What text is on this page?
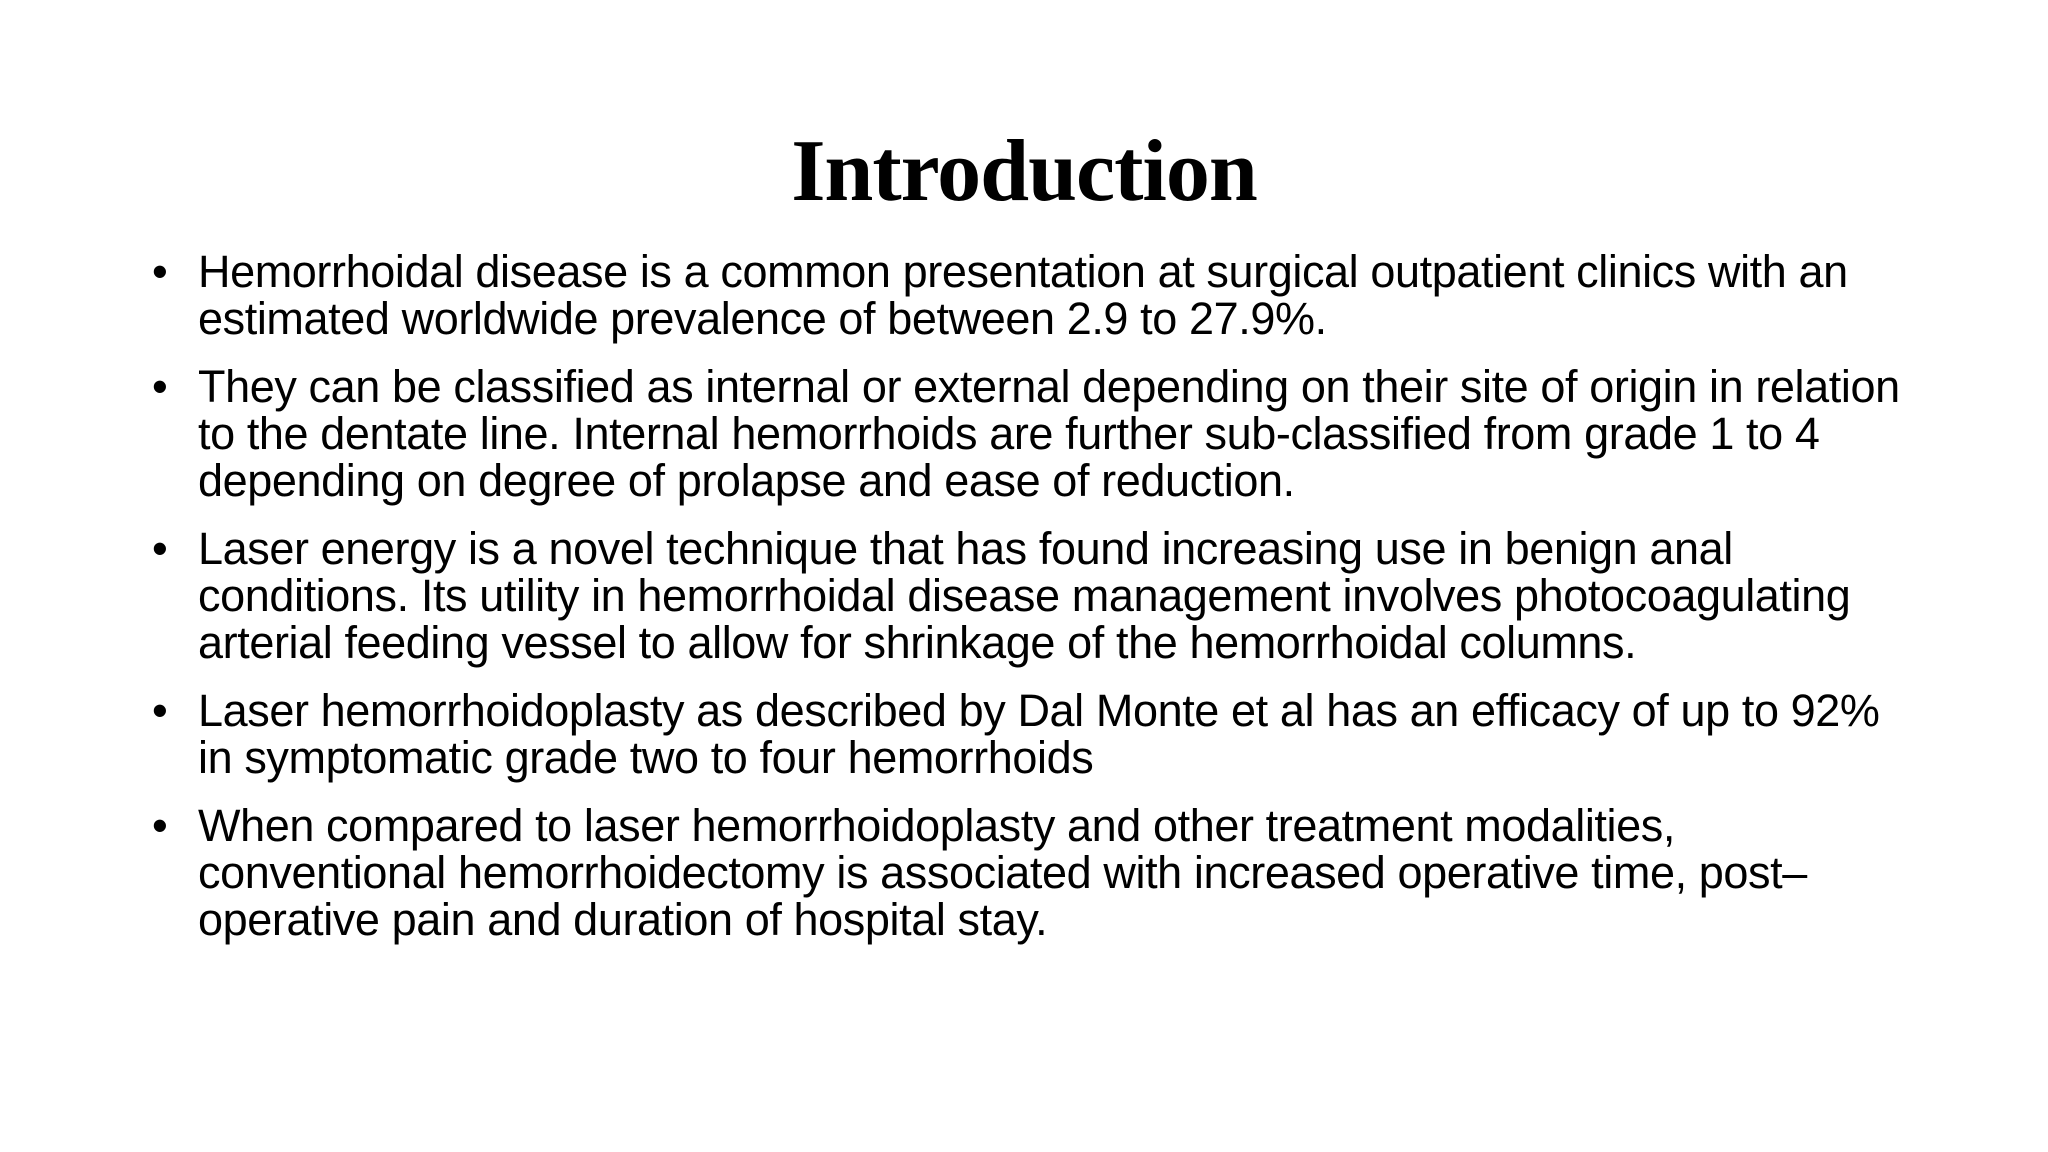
Introduction
• Hemorrhoidal disease is a common presentation at surgical outpatient clinics with an estimated worldwide prevalence of between 2.9 to 27.9%.
• They can be classified as internal or external depending on their site of origin in relation to the dentate line. Internal hemorrhoids are further sub-classified from grade 1 to 4 depending on degree of prolapse and ease of reduction.
• Laser energy is a novel technique that has found increasing use in benign anal conditions. Its utility in hemorrhoidal disease management involves photocoagulating arterial feeding vessel to allow for shrinkage of the hemorrhoidal columns.
• Laser hemorrhoidoplasty as described by Dal Monte et al has an efficacy of up to 92% in symptomatic grade two to four hemorrhoids
• When compared to laser hemorrhoidoplasty and other treatment modalities, conventional hemorrhoidectomy is associated with increased operative time, post–operative pain and duration of hospital stay.
